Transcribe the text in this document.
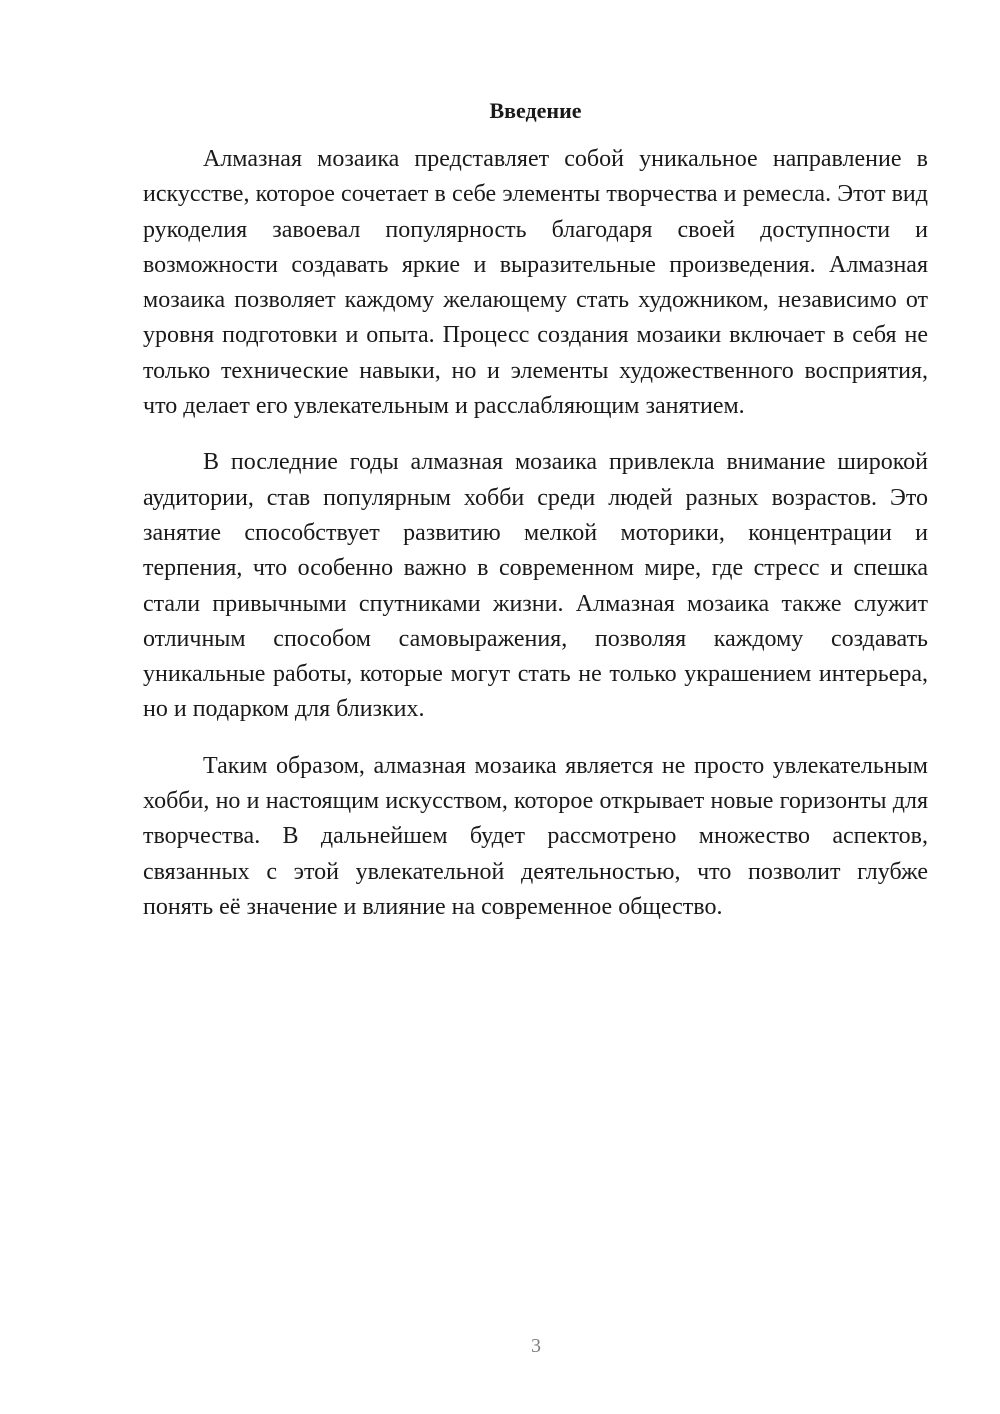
Введение

Алмазная мозаика представляет собой уникальное направление в искусстве, которое сочетает в себе элементы творчества и ремесла. Этот вид рукоделия завоевал популярность благодаря своей доступности и возможности создавать яркие и выразительные произведения. Алмазная мозаика позволяет каждому желающему стать художником, независимо от уровня подготовки и опыта. Процесс создания мозаики включает в себя не только технические навыки, но и элементы художественного восприятия, что делает его увлекательным и расслабляющим занятием.

В последние годы алмазная мозаика привлекла внимание широкой аудитории, став популярным хобби среди людей разных возрастов. Это занятие способствует развитию мелкой моторики, концентрации и терпения, что особенно важно в современном мире, где стресс и спешка стали привычными спутниками жизни. Алмазная мозаика также служит отличным способом самовыражения, позволяя каждому создавать уникальные работы, которые могут стать не только украшением интерьера, но и подарком для близких.

Таким образом, алмазная мозаика является не просто увлекательным хобби, но и настоящим искусством, которое открывает новые горизонты для творчества. В дальнейшем будет рассмотрено множество аспектов, связанных с этой увлекательной деятельностью, что позволит глубже понять её значение и влияние на современное общество.

3
